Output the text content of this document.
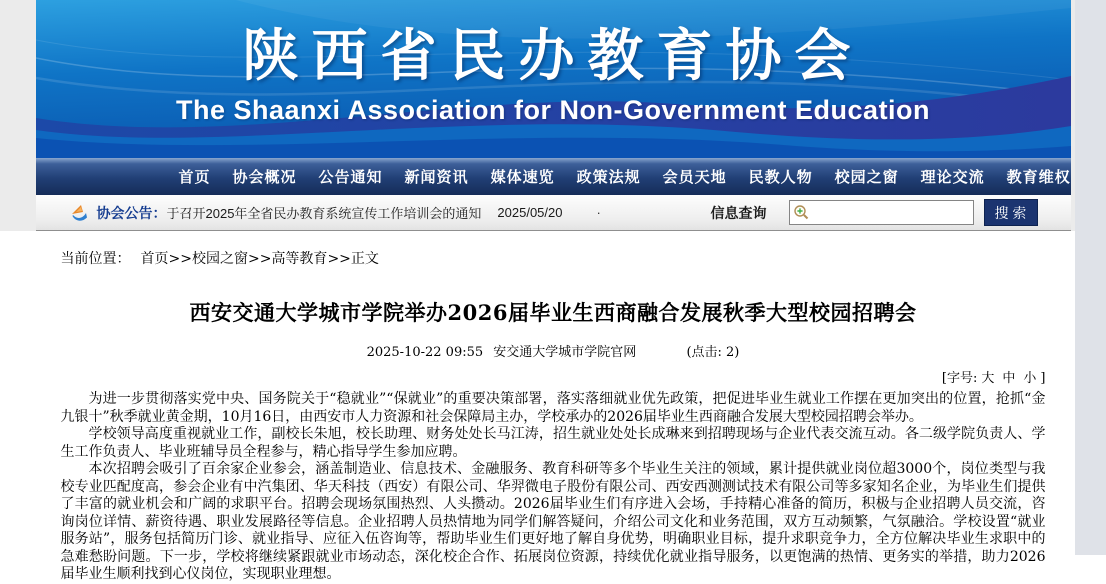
陕西省民办教育协会
The Shaanxi Association for Non-Government Education
首页	协会概况	公告通知	新闻资讯	媒体速览	政策法规	会员天地	民教人物	校园之窗	理论交流	教育维权
协会公告： 于召开2025年全省民办教育系统宣传工作培训会的通知 2025/05/20	·	信息查询	搜 索
当前位置： 首页>>校园之窗>>高等教育>>正文
西安交通大学城市学院举办2026届毕业生西商融合发展秋季大型校园招聘会
2025-10-22 09:55 安交通大学城市学院官网	(点击: 2)
[字号: 大 中 小 ]

为进一步贯彻落实党中央、国务院关于“稳就业”“保就业”的重要决策部署，落实落细就业优先政策，把促进毕业生就业工作摆在更加突出的位置，抢抓“金九银十”秋季就业黄金期，10月16日，由西安市人力资源和社会保障局主办，学校承办的2026届毕业生西商融合发展大型校园招聘会举办。

学校领导高度重视就业工作，副校长朱旭，校长助理、财务处处长马江涛，招生就业处处长成琳来到招聘现场与企业代表交流互动。各二级学院负责人、学生工作负责人、毕业班辅导员全程参与，精心指导学生参加应聘。

本次招聘会吸引了百余家企业参会，涵盖制造业、信息技术、金融服务、教育科研等多个毕业生关注的领域，累计提供就业岗位超3000个，岗位类型与我校专业匹配度高，参会企业有中汽集团、华天科技（西安）有限公司、华羿微电子股份有限公司、西安西测测试技术有限公司等多家知名企业，为毕业生们提供了丰富的就业机会和广阔的求职平台。招聘会现场氛围热烈、人头攒动。2026届毕业生们有序进入会场，手持精心准备的简历，积极与企业招聘人员交流，咨询岗位详情、薪资待遇、职业发展路径等信息。企业招聘人员热情地为同学们解答疑问，介绍公司文化和业务范围，双方互动频繁，气氛融洽。学校设置“就业服务站”，服务包括简历门诊、就业指导、应征入伍咨询等，帮助毕业生们更好地了解自身优势，明确职业目标，提升求职竞争力，全方位解决毕业生求职中的急难愁盼问题。下一步，学校将继续紧跟就业市场动态，深化校企合作、拓展岗位资源，持续优化就业指导服务，以更饱满的热情、更务实的举措，助力2026届毕业生顺利找到心仪岗位，实现职业理想。
